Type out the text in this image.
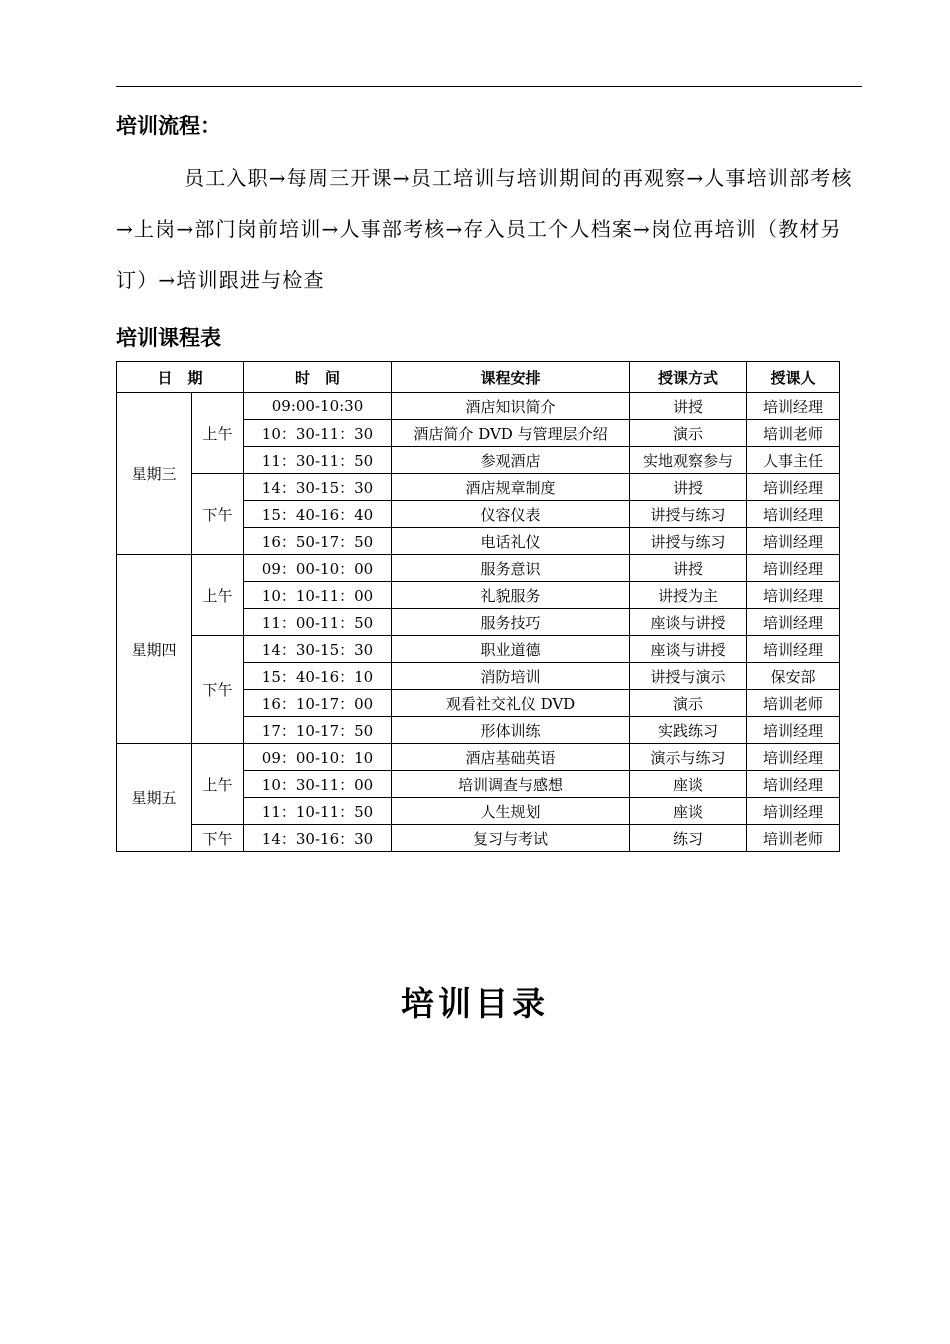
培训流程：

员工入职→每周三开课→员工培训与培训期间的再观察→人事培训部考核→上岗→部门岗前培训→人事部考核→存入员工个人档案→岗位再培训（教材另订）→培训跟进与检查

培训课程表
日　期		时　间	课程安排	授课方式	授课人
星期三	上午	09:00-10:30	酒店知识简介	讲授	培训经理
		10：30-11：30	酒店简介 DVD 与管理层介绍	演示	培训老师
		11：30-11：50	参观酒店	实地观察参与	人事主任
	下午	14：30-15：30	酒店规章制度	讲授	培训经理
		15：40-16：40	仪容仪表	讲授与练习	培训经理
		16：50-17：50	电话礼仪	讲授与练习	培训经理
星期四	上午	09：00-10：00	服务意识	讲授	培训经理
		10：10-11：00	礼貌服务	讲授为主	培训经理
		11：00-11：50	服务技巧	座谈与讲授	培训经理
	下午	14：30-15：30	职业道德	座谈与讲授	培训经理
		15：40-16：10	消防培训	讲授与演示	保安部
		16：10-17：00	观看社交礼仪 DVD	演示	培训老师
		17：10-17：50	形体训练	实践练习	培训经理
星期五	上午	09：00-10：10	酒店基础英语	演示与练习	培训经理
		10：30-11：00	培训调查与感想	座谈	培训经理
		11：10-11：50	人生规划	座谈	培训经理
	下午	14：30-16：30	复习与考试	练习	培训老师
培训目录
